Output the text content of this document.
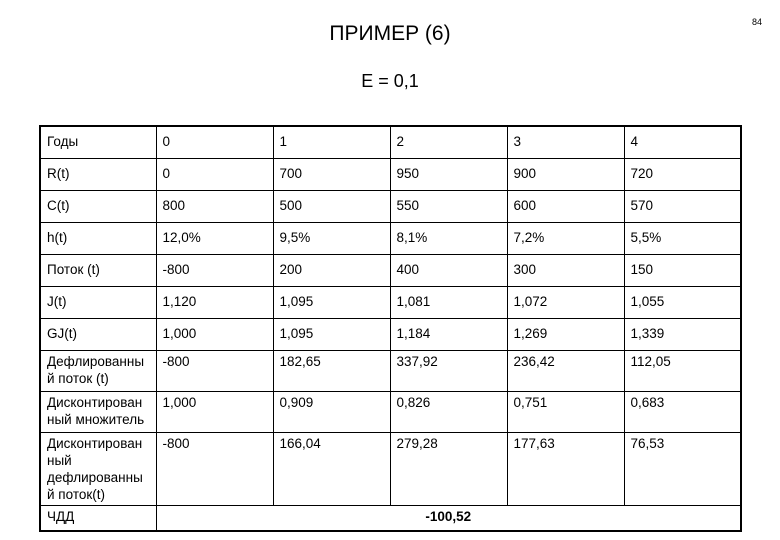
84
ПРИМЕР (6)
E = 0,1
Годы	0	1	2	3	4
R(t)	0	700	950	900	720
C(t)	800	500	550	600	570
h(t)	12,0%	9,5%	8,1%	7,2%	5,5%
Поток (t)	-800	200	400	300	150
J(t)	1,120	1,095	1,081	1,072	1,055
GJ(t)	1,000	1,095	1,184	1,269	1,339
Дефлированный поток (t)	-800	182,65	337,92	236,42	112,05
Дисконтированный множитель	1,000	0,909	0,826	0,751	0,683
Дисконтированный дефлированный поток(t)	-800	166,04	279,28	177,63	76,53
ЧДД	-100,52				
